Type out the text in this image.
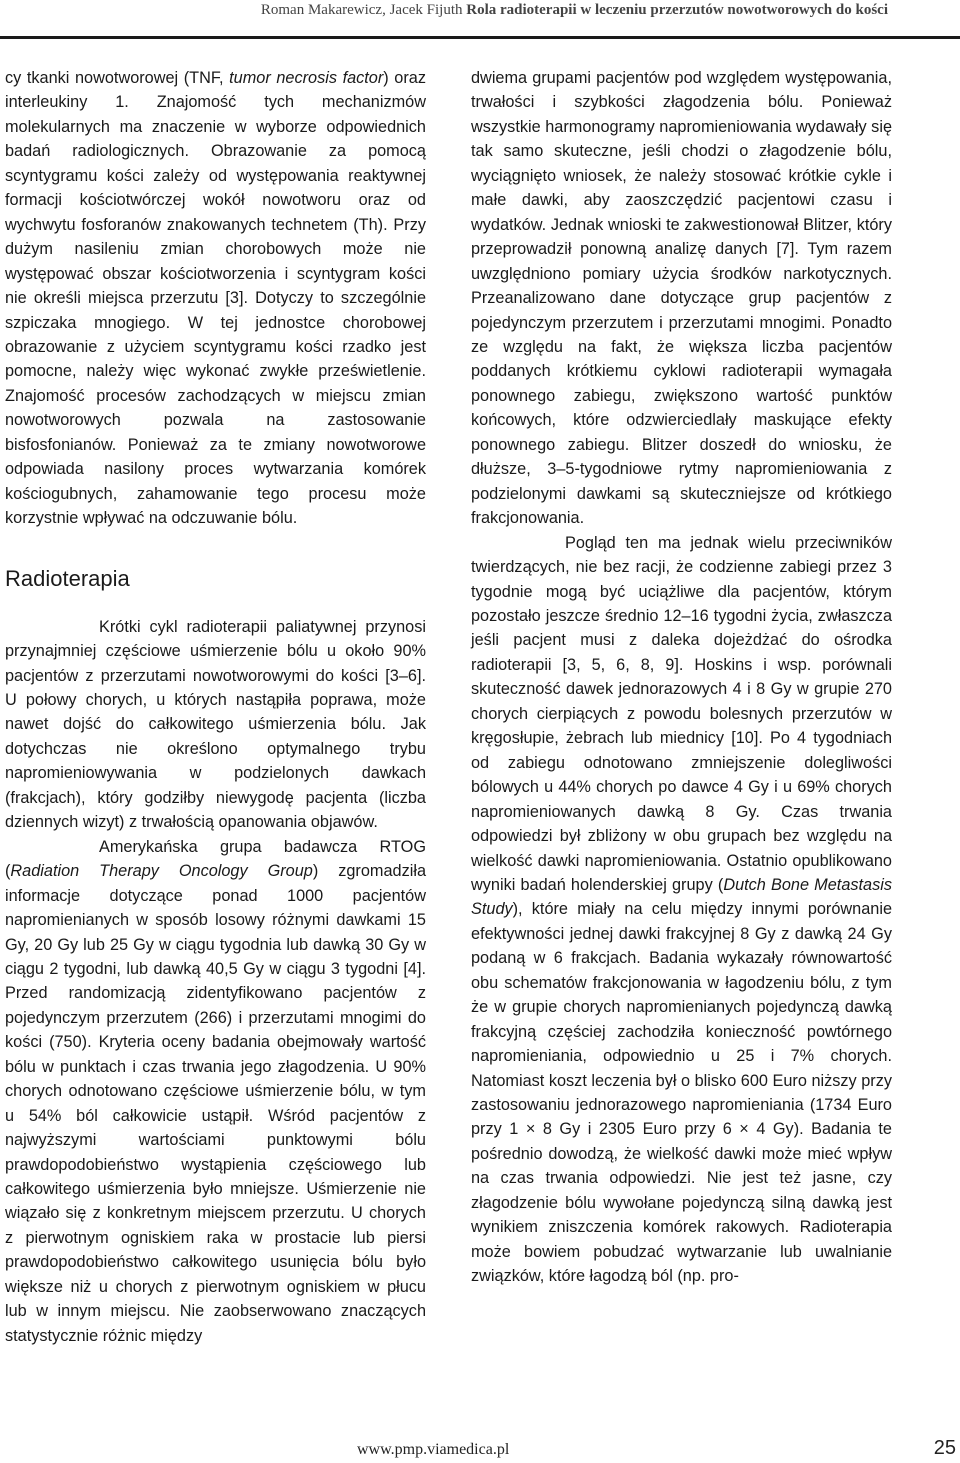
Roman Makarewicz, Jacek Fijuth Rola radioterapii w leczeniu przerzutów nowotworowych do kości

cy tkanki nowotworowej (TNF, tumor necrosis factor) oraz interleukiny 1. Znajomość tych mechanizmów molekularnych ma znaczenie w wyborze odpowiednich badań radiologicznych. Obrazowanie za pomocą scyntygramu kości zależy od występowania reaktywnej formacji kościotwórczej wokół nowotworu oraz od wychwytu fosforanów znakowanych technetem (Th). Przy dużym nasileniu zmian chorobowych może nie występować obszar kościotworzenia i scyntygram kości nie określi miejsca przerzutu [3]. Dotyczy to szczególnie szpiczaka mnogiego. W tej jednostce chorobowej obrazowanie z użyciem scyntygramu kości rzadko jest pomocne, należy więc wykonać zwykłe prześwietlenie. Znajomość procesów zachodzących w miejscu zmian nowotworowych pozwala na zastosowanie bisfosfonianów. Ponieważ za te zmiany nowotworowe odpowiada nasilony proces wytwarzania komórek kościogubnych, zahamowanie tego procesu może korzystnie wpływać na odczuwanie bólu.

Radioterapia

Krótki cykl radioterapii paliatywnej przynosi przynajmniej częściowe uśmierzenie bólu u około 90% pacjentów z przerzutami nowotworowymi do kości [3–6]. U połowy chorych, u których nastąpiła poprawa, może nawet dojść do całkowitego uśmierzenia bólu. Jak dotychczas nie określono optymalnego trybu napromieniowywania w podzielonych dawkach (frakcjach), który godziłby niewygodę pacjenta (liczba dziennych wizyt) z trwałością opanowania objawów.

Amerykańska grupa badawcza RTOG (Radiation Therapy Oncology Group) zgromadziła informacje dotyczące ponad 1000 pacjentów napromienianych w sposób losowy różnymi dawkami 15 Gy, 20 Gy lub 25 Gy w ciągu tygodnia lub dawką 30 Gy w ciągu 2 tygodni, lub dawką 40,5 Gy w ciągu 3 tygodni [4]. Przed randomizacją zidentyfikowano pacjentów z pojedynczym przerzutem (266) i przerzutami mnogimi do kości (750). Kryteria oceny badania obejmowały wartość bólu w punktach i czas trwania jego złagodzenia. U 90% chorych odnotowano częściowe uśmierzenie bólu, w tym u 54% ból całkowicie ustąpił. Wśród pacjentów z najwyższymi wartościami punktowymi bólu prawdopodobieństwo wystąpienia częściowego lub całkowitego uśmierzenia było mniejsze. Uśmierzenie nie wiązało się z konkretnym miejscem przerzutu. U chorych z pierwotnym ogniskiem raka w prostacie lub piersi prawdopodobieństwo całkowitego usunięcia bólu było większe niż u chorych z pierwotnym ogniskiem w płucu lub w innym miejscu. Nie zaobserwowano znaczących statystycznie różnic między

dwiema grupami pacjentów pod względem występowania, trwałości i szybkości złagodzenia bólu. Ponieważ wszystkie harmonogramy napromieniowania wydawały się tak samo skuteczne, jeśli chodzi o złagodzenie bólu, wyciągnięto wniosek, że należy stosować krótkie cykle i małe dawki, aby zaoszczędzić pacjentowi czasu i wydatków. Jednak wnioski te zakwestionował Blitzer, który przeprowadził ponowną analizę danych [7]. Tym razem uwzględniono pomiary użycia środków narkotycznych. Przeanalizowano dane dotyczące grup pacjentów z pojedynczym przerzutem i przerzutami mnogimi. Ponadto ze względu na fakt, że większa liczba pacjentów poddanych krótkiemu cyklowi radioterapii wymagała ponownego zabiegu, zwiększono wartość punktów końcowych, które odzwierciedlały maskujące efekty ponownego zabiegu. Blitzer doszedł do wniosku, że dłuższe, 3–5-tygodniowe rytmy napromieniowania z podzielonymi dawkami są skuteczniejsze od krótkiego frakcjonowania.

Pogląd ten ma jednak wielu przeciwników twierdzących, nie bez racji, że codzienne zabiegi przez 3 tygodnie mogą być uciążliwe dla pacjentów, którym pozostało jeszcze średnio 12–16 tygodni życia, zwłaszcza jeśli pacjent musi z daleka dojeżdżać do ośrodka radioterapii [3, 5, 6, 8, 9]. Hoskins i wsp. porównali skuteczność dawek jednorazowych 4 i 8 Gy w grupie 270 chorych cierpiących z powodu bolesnych przerzutów w kręgosłupie, żebrach lub miednicy [10]. Po 4 tygodniach od zabiegu odnotowano zmniejszenie dolegliwości bólowych u 44% chorych po dawce 4 Gy i u 69% chorych napromieniowanych dawką 8 Gy. Czas trwania odpowiedzi był zbliżony w obu grupach bez względu na wielkość dawki napromieniowania. Ostatnio opublikowano wyniki badań holenderskiej grupy (Dutch Bone Metastasis Study), które miały na celu między innymi porównanie efektywności jednej dawki frakcyjnej 8 Gy z dawką 24 Gy podaną w 6 frakcjach. Badania wykazały równowartość obu schematów frakcjonowania w łagodzeniu bólu, z tym że w grupie chorych napromienianych pojedynczą dawką frakcyjną częściej zachodziła konieczność powtórnego napromieniania, odpowiednio u 25 i 7% chorych. Natomiast koszt leczenia był o blisko 600 Euro niższy przy zastosowaniu jednorazowego napromieniania (1734 Euro przy 1 × 8 Gy i 2305 Euro przy 6 × 4 Gy). Badania te pośrednio dowodzą, że wielkość dawki może mieć wpływ na czas trwania odpowiedzi. Nie jest też jasne, czy złagodzenie bólu wywołane pojedynczą silną dawką jest wynikiem zniszczenia komórek rakowych. Radioterapia może bowiem pobudzać wytwarzanie lub uwalnianie związków, które łagodzą ból (np. pro-

www.pmp.viamedica.pl	25
